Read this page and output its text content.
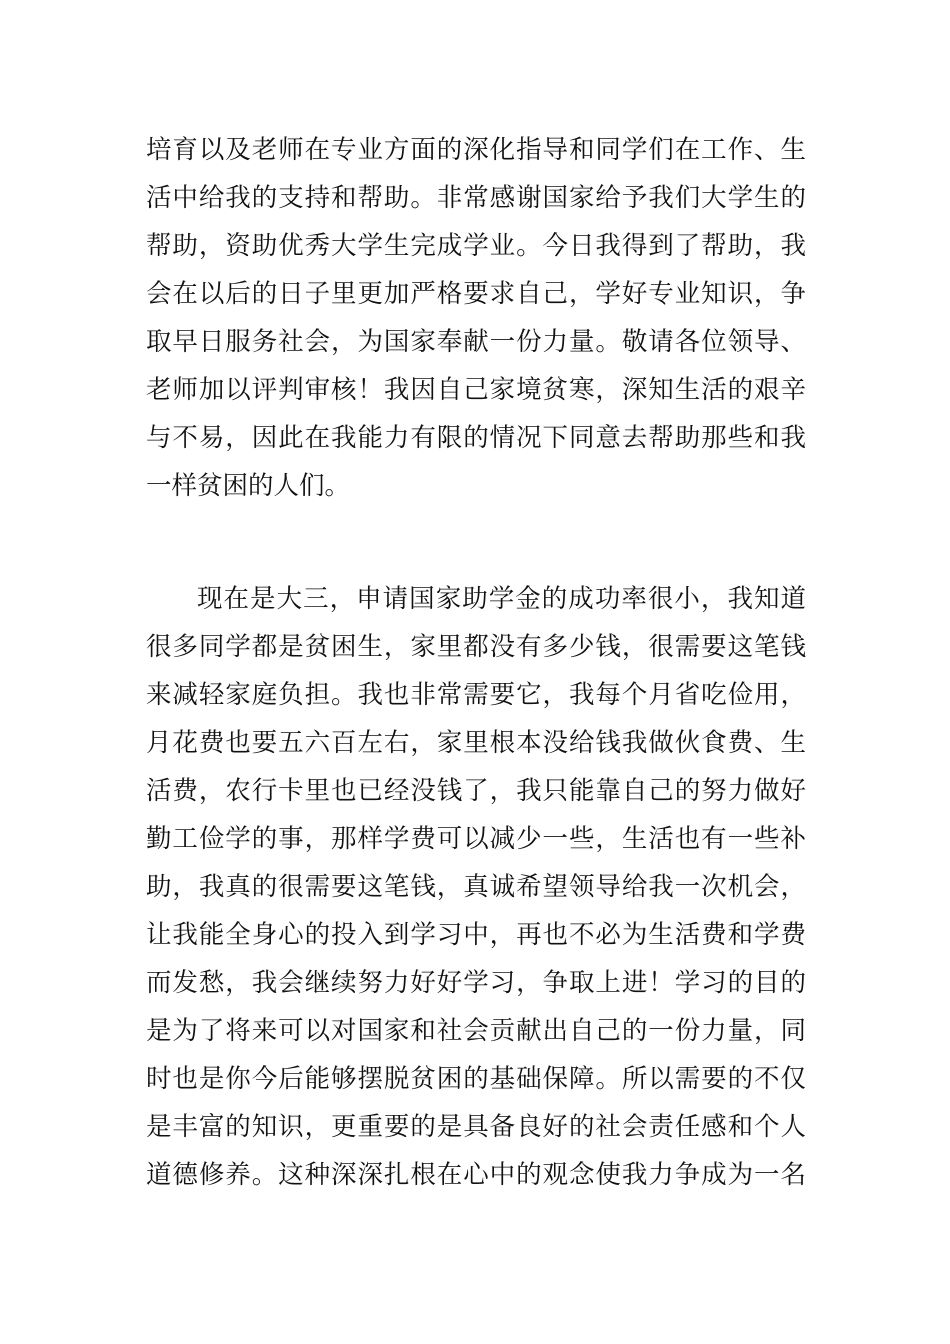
培育以及老师在专业方面的深化指导和同学们在工作、生
活中给我的支持和帮助。非常感谢国家给予我们大学生的
帮助，资助优秀大学生完成学业。今日我得到了帮助，我
会在以后的日子里更加严格要求自己，学好专业知识，争
取早日服务社会，为国家奉献一份力量。敬请各位领导、
老师加以评判审核！我因自己家境贫寒，深知生活的艰辛
与不易，因此在我能力有限的情况下同意去帮助那些和我
一样贫困的人们。
现在是大三，申请国家助学金的成功率很小，我知道
很多同学都是贫困生，家里都没有多少钱，很需要这笔钱
来减轻家庭负担。我也非常需要它，我每个月省吃俭用，
月花费也要五六百左右，家里根本没给钱我做伙食费、生
活费，农行卡里也已经没钱了，我只能靠自己的努力做好
勤工俭学的事，那样学费可以减少一些，生活也有一些补
助，我真的很需要这笔钱，真诚希望领导给我一次机会，
让我能全身心的投入到学习中，再也不必为生活费和学费
而发愁，我会继续努力好好学习，争取上进！学习的目的
是为了将来可以对国家和社会贡献出自己的一份力量，同
时也是你今后能够摆脱贫困的基础保障。所以需要的不仅
是丰富的知识，更重要的是具备良好的社会责任感和个人
道德修养。这种深深扎根在心中的观念使我力争成为一名
